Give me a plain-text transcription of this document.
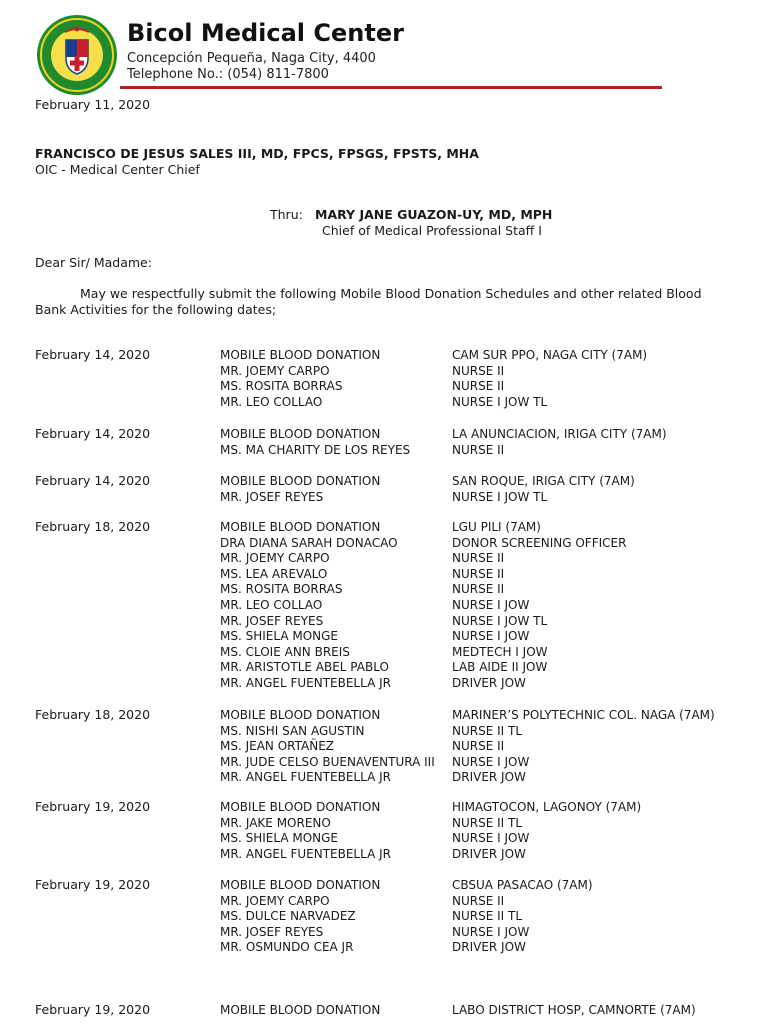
Bicol Medical Center
Concepción Pequeña, Naga City, 4400
Telephone No.: (054) 811-7800
February 11, 2020
FRANCISCO DE JESUS SALES III, MD, FPCS, FPSGS, FPSTS, MHA
OIC - Medical Center Chief
Thru: MARY JANE GUAZON-UY, MD, MPH
Chief of Medical Professional Staff I
Dear Sir/ Madame:
May we respectfully submit the following Mobile Blood Donation Schedules and other related Blood Bank Activities for the following dates;
February 14, 2020	MOBILE BLOOD DONATION	CAM SUR PPO, NAGA CITY (7AM)
MR. JOEMY CARPO	NURSE II
MS. ROSITA BORRAS	NURSE II
MR. LEO COLLAO	NURSE I JOW TL
February 14, 2020	MOBILE BLOOD DONATION	LA ANUNCIACION, IRIGA CITY (7AM)
MS. MA CHARITY DE LOS REYES	NURSE II
February 14, 2020	MOBILE BLOOD DONATION	SAN ROQUE, IRIGA CITY (7AM)
MR. JOSEF REYES	NURSE I JOW TL
February 18, 2020	MOBILE BLOOD DONATION	LGU PILI (7AM)
DRA DIANA SARAH DONACAO	DONOR SCREENING OFFICER
MR. JOEMY CARPO	NURSE II
MS. LEA AREVALO	NURSE II
MS. ROSITA BORRAS	NURSE II
MR. LEO COLLAO	NURSE I JOW
MR. JOSEF REYES	NURSE I JOW TL
MS. SHIELA MONGE	NURSE I JOW
MS. CLOIE ANN BREIS	MEDTECH I JOW
MR. ARISTOTLE ABEL PABLO	LAB AIDE II JOW
MR. ANGEL FUENTEBELLA JR	DRIVER JOW
February 18, 2020	MOBILE BLOOD DONATION	MARINER’S POLYTECHNIC COL. NAGA (7AM)
MS. NISHI SAN AGUSTIN	NURSE II TL
MS. JEAN ORTAÑEZ	NURSE II
MR. JUDE CELSO BUENAVENTURA III NURSE I JOW
MR. ANGEL FUENTEBELLA JR	DRIVER JOW
February 19, 2020	MOBILE BLOOD DONATION	HIMAGTOCON, LAGONOY (7AM)
MR. JAKE MORENO	NURSE II TL
MS. SHIELA MONGE	NURSE I JOW
MR. ANGEL FUENTEBELLA JR	DRIVER JOW
February 19, 2020	MOBILE BLOOD DONATION	CBSUA PASACAO (7AM)
MR. JOEMY CARPO	NURSE II
MS. DULCE NARVADEZ	NURSE II TL
MR. JOSEF REYES	NURSE I JOW
MR. OSMUNDO CEA JR	DRIVER JOW
February 19, 2020	MOBILE BLOOD DONATION	LABO DISTRICT HOSP, CAMNORTE (7AM)
